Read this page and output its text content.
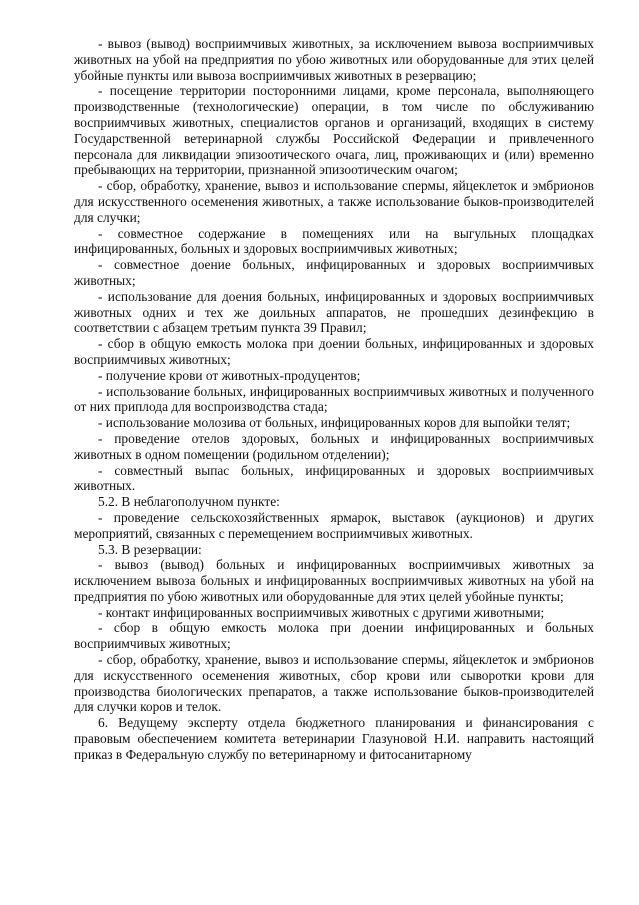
- вывоз (вывод) восприимчивых животных, за исключением вывоза восприимчивых животных на убой на предприятия по убою животных или оборудованные для этих целей убойные пункты или вывоза восприимчивых животных в резервацию;

- посещение территории посторонними лицами, кроме персонала, выполняющего производственные (технологические) операции, в том числе по обслуживанию восприимчивых животных, специалистов органов и организаций, входящих в систему Государственной ветеринарной службы Российской Федерации и привлеченного персонала для ликвидации эпизоотического очага, лиц, проживающих и (или) временно пребывающих на территории, признанной эпизоотическим очагом;

- сбор, обработку, хранение, вывоз и использование спермы, яйцеклеток и эмбрионов для искусственного осеменения животных, а также использование быков-производителей для случки;

- совместное содержание в помещениях или на выгульных площадках инфицированных, больных и здоровых восприимчивых животных;

- совместное доение больных, инфицированных и здоровых восприимчивых животных;

- использование для доения больных, инфицированных и здоровых восприимчивых животных одних и тех же доильных аппаратов, не прошедших дезинфекцию в соответствии с абзацем третьим пункта 39 Правил;

- сбор в общую емкость молока при доении больных, инфицированных и здоровых восприимчивых животных;

- получение крови от животных-продуцентов;

- использование больных, инфицированных восприимчивых животных и полученного от них приплода для воспроизводства стада;

- использование молозива от больных, инфицированных коров для выпойки телят;

- проведение отелов здоровых, больных и инфицированных восприимчивых животных в одном помещении (родильном отделении);

- совместный выпас больных, инфицированных и здоровых восприимчивых животных.

5.2. В неблагополучном пункте:

- проведение сельскохозяйственных ярмарок, выставок (аукционов) и других мероприятий, связанных с перемещением восприимчивых животных.

5.3. В резервации:

- вывоз (вывод) больных и инфицированных восприимчивых животных за исключением вывоза больных и инфицированных восприимчивых животных на убой на предприятия по убою животных или оборудованные для этих целей убойные пункты;

- контакт инфицированных восприимчивых животных с другими животными;

- сбор в общую емкость молока при доении инфицированных и больных восприимчивых животных;

- сбор, обработку, хранение, вывоз и использование спермы, яйцеклеток и эмбрионов для искусственного осеменения животных, сбор крови или сыворотки крови для производства биологических препаратов, а также использование быков-производителей для случки коров и телок.

6. Ведущему эксперту отдела бюджетного планирования и финансирования с правовым обеспечением комитета ветеринарии Глазуновой Н.И. направить настоящий приказ в Федеральную службу по ветеринарному и фитосанитарному
